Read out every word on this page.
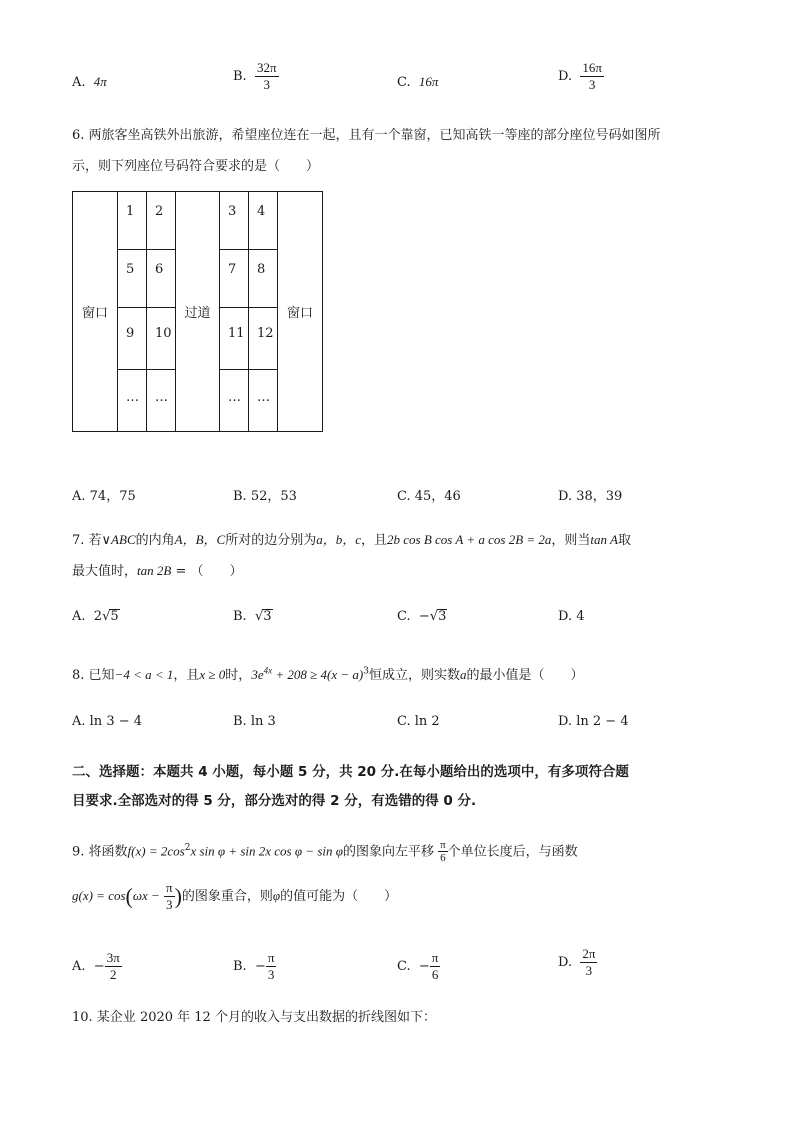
A. 4π	B. $\frac{32\pi}{3}$	C. 16π	D. $\frac{16\pi}{3}$
6. 两旅客坐高铁外出旅游，希望座位连在一起，且有一个靠窗，已知高铁一等座的部分座位号码如图所
示，则下列座位号码符合要求的是（　　）
窗口	1	2	过道	3	4	窗口
	5	6		7	8	
	9	10		11	12	
	…	…		…	…	
A. 74，75	B. 52，53	C. 45，46	D. 38，39
7. 若∨ABC的内角A，B，C所对的边分别为a，b，c，且2b cos B cos A + a cos 2B = 2a，则当tan A取
最大值时，tan 2B = （　　）
A. 2√5	B. √3	C. −√3	D. 4
8. 已知−4 < a < 1，且x ≥ 0时，$3e^{4x} + 208 \ge 4(x - a)^3$恒成立，则实数a的最小值是（　　）
A. ln 3 − 4	B. ln 3	C. ln 2	D. ln 2 − 4
二、选择题：本题共 4 小题，每小题 5 分，共 20 分.在每小题给出的选项中，有多项符合题
目要求.全部选对的得 5 分，部分选对的得 2 分，有选错的得 0 分.
9. 将函数$f(x) = 2\cos^2x$ sin φ + sin 2x cos φ − sin φ的图象向左平移 $\frac{\pi}{6}$ 个单位长度后，与函数
$g(x) = \cos(\omega x - \frac{\pi}{3}$ )的图象重合，则φ的值可能为（　　）
A. − $\frac{3\pi}{2}$	B. − $\frac{\pi}{3}$	C. − $\frac{\pi}{6}$	D. $\frac{2\pi}{3}$
10. 某企业 2020 年 12 个月的收入与支出数据的折线图如下：
